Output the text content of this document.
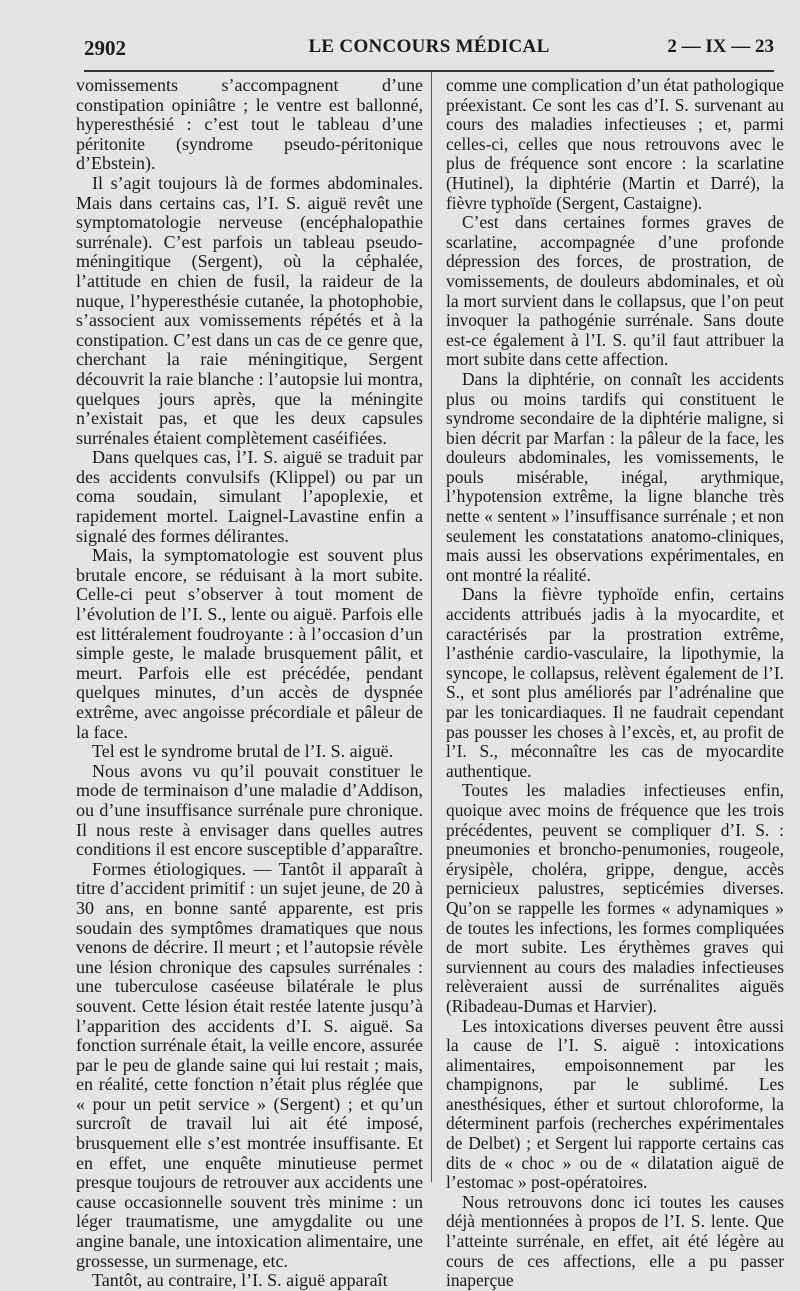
2902	LE CONCOURS MÉDICAL	2 — IX — 23

vomissements s’accompagnent d’une constipation opiniâtre ; le ventre est ballonné, hyperesthésié : c’est tout le tableau d’une péritonite (syndrome pseudo-péritonique d’Ebstein).

Il s’agit toujours là de formes abdominales. Mais dans certains cas, l’I. S. aiguë revêt une symptomatologie nerveuse (encéphalopathie surrénale). C’est parfois un tableau pseudo-méningitique (Sergent), où la céphalée, l’attitude en chien de fusil, la raideur de la nuque, l’hyperesthésie cutanée, la photophobie, s’associent aux vomissements répétés et à la constipation. C’est dans un cas de ce genre que, cherchant la raie méningitique, Sergent découvrit la raie blanche : l’autopsie lui montra, quelques jours après, que la méningite n’existait pas, et que les deux capsules surrénales étaient complètement caséifiées.

Dans quelques cas, l’I. S. aiguë se traduit par des accidents convulsifs (Klippel) ou par un coma soudain, simulant l’apoplexie, et rapidement mortel. Laignel-Lavastine enfin a signalé des formes délirantes.

Mais, la symptomatologie est souvent plus brutale encore, se réduisant à la mort subite. Celle-ci peut s’observer à tout moment de l’évolution de l’I. S., lente ou aiguë. Parfois elle est littéralement foudroyante : à l’occasion d’un simple geste, le malade brusquement pâlit, et meurt. Parfois elle est précédée, pendant quelques minutes, d’un accès de dyspnée extrême, avec angoisse précordiale et pâleur de la face.

Tel est le syndrome brutal de l’I. S. aiguë.

Nous avons vu qu’il pouvait constituer le mode de terminaison d’une maladie d’Addison, ou d’une insuffisance surrénale pure chronique. Il nous reste à envisager dans quelles autres conditions il est encore susceptible d’apparaître.

Formes étiologiques. — Tantôt il apparaît à titre d’accident primitif : un sujet jeune, de 20 à 30 ans, en bonne santé apparente, est pris soudain des symptômes dramatiques que nous venons de décrire. Il meurt ; et l’autopsie révèle une lésion chronique des capsules surrénales : une tuberculose caséeuse bilatérale le plus souvent. Cette lésion était restée latente jusqu’à l’apparition des accidents d’I. S. aiguë. Sa fonction surrénale était, la veille encore, assurée par le peu de glande saine qui lui restait ; mais, en réalité, cette fonction n’était plus réglée que « pour un petit service » (Sergent) ; et qu’un surcroît de travail lui ait été imposé, brusquement elle s’est montrée insuffisante. Et en effet, une enquête minutieuse permet presque toujours de retrouver aux accidents une cause occasionnelle souvent très minime : un léger traumatisme, une amygdalite ou une angine banale, une intoxication alimentaire, une grossesse, un surmenage, etc.

Tantôt, au contraire, l’I. S. aiguë apparaît

comme une complication d’un état pathologique préexistant. Ce sont les cas d’I. S. survenant au cours des maladies infectieuses ; et, parmi celles-ci, celles que nous retrouvons avec le plus de fréquence sont encore : la scarlatine (Hutinel), la diphtérie (Martin et Darré), la fièvre typhoïde (Sergent, Castaigne).

C’est dans certaines formes graves de scarlatine, accompagnée d’une profonde dépression des forces, de prostration, de vomissements, de douleurs abdominales, et où la mort survient dans le collapsus, que l’on peut invoquer la pathogénie surrénale. Sans doute est-ce également à l’I. S. qu’il faut attribuer la mort subite dans cette affection.

Dans la diphtérie, on connaît les accidents plus ou moins tardifs qui constituent le syndrome secondaire de la diphtérie maligne, si bien décrit par Marfan : la pâleur de la face, les douleurs abdominales, les vomissements, le pouls misérable, inégal, arythmique, l’hypotension extrême, la ligne blanche très nette « sentent » l’insuffisance surrénale ; et non seulement les constatations anatomo-cliniques, mais aussi les observations expérimentales, en ont montré la réalité.

Dans la fièvre typhoïde enfin, certains accidents attribués jadis à la myocardite, et caractérisés par la prostration extrême, l’asthénie cardio-vasculaire, la lipothymie, la syncope, le collapsus, relèvent également de l’I. S., et sont plus améliorés par l’adrénaline que par les tonicardiaques. Il ne faudrait cependant pas pousser les choses à l’excès, et, au profit de l’I. S., méconnaître les cas de myocardite authentique.

Toutes les maladies infectieuses enfin, quoique avec moins de fréquence que les trois précédentes, peuvent se compliquer d’I. S. : pneumonies et broncho-penumonies, rougeole, érysipèle, choléra, grippe, dengue, accès pernicieux palustres, septicémies diverses. Qu’on se rappelle les formes « adynamiques » de toutes les infections, les formes compliquées de mort subite. Les érythèmes graves qui surviennent au cours des maladies infectieuses relèveraient aussi de surrénalites aiguës (Ribadeau-Dumas et Harvier).

Les intoxications diverses peuvent être aussi la cause de l’I. S. aiguë : intoxications alimentaires, empoisonnement par les champignons, par le sublimé. Les anesthésiques, éther et surtout chloroforme, la déterminent parfois (recherches expérimentales de Delbet) ; et Sergent lui rapporte certains cas dits de « choc » ou de « dilatation aiguë de l’estomac » post-opératoires.

Nous retrouvons donc ici toutes les causes déjà mentionnées à propos de l’I. S. lente. Que l’atteinte surrénale, en effet, ait été légère au cours de ces affections, elle a pu passer inaperçue
